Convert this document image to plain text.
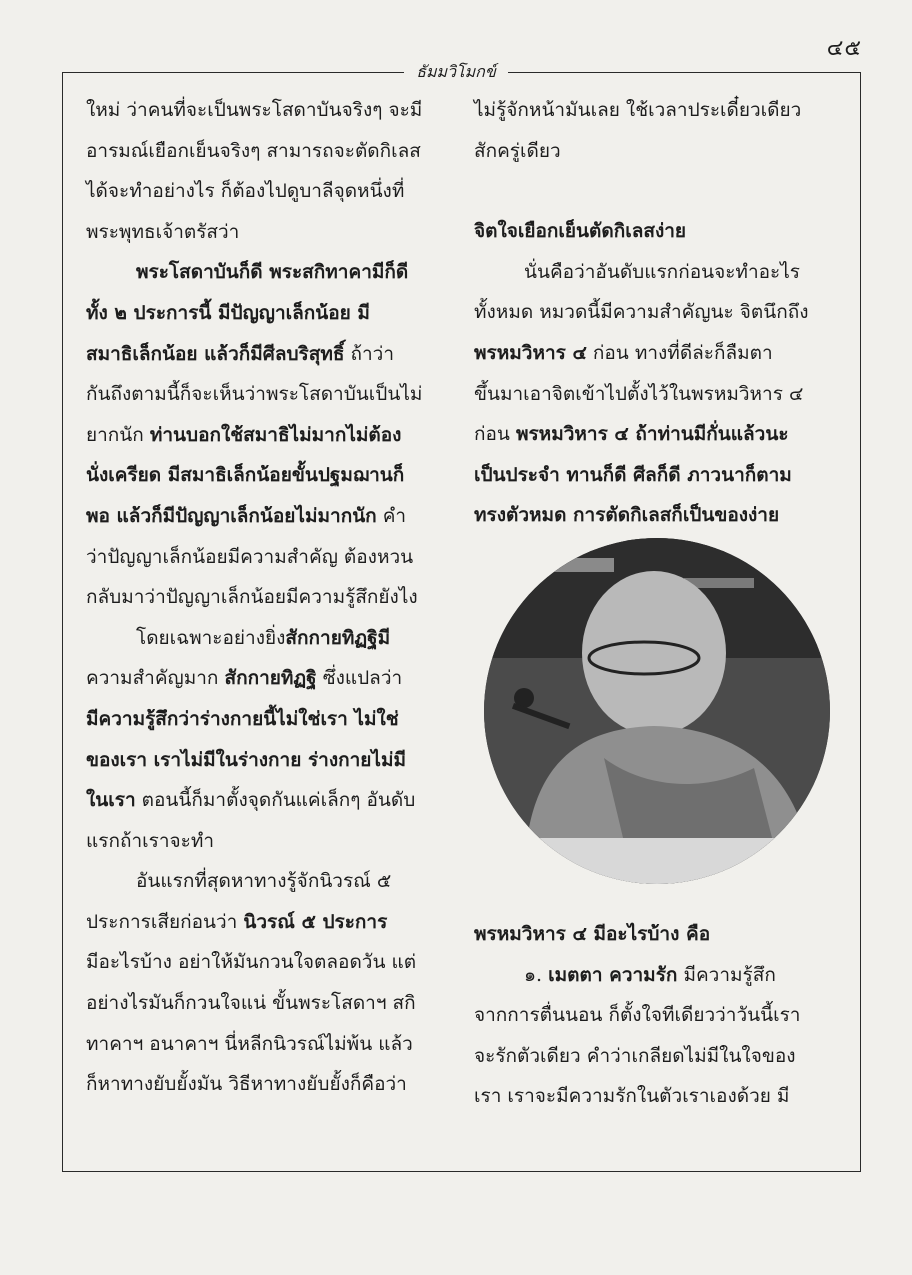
๔๕
ธัมมวิโมกข์

ใหม่ ว่าคนที่จะเป็นพระโสดาบันจริงๆ จะมี

อารมณ์เยือกเย็นจริงๆ สามารถจะตัดกิเลส

ได้จะทำอย่างไร ก็ต้องไปดูบาลีจุดหนึ่งที่

พระพุทธเจ้าตรัสว่า

พระโสดาบันก็ดี พระสกิทาคามีก็ดี

ทั้ง ๒ ประการนี้ มีปัญญาเล็กน้อย มี

สมาธิเล็กน้อย แล้วก็มีศีลบริสุทธิ์ ถ้าว่า

กันถึงตามนี้ก็จะเห็นว่าพระโสดาบันเป็นไม่

ยากนัก ท่านบอกใช้สมาธิไม่มากไม่ต้อง

นั่งเครียด มีสมาธิเล็กน้อยขั้นปฐมฌานก็

พอ แล้วก็มีปัญญาเล็กน้อยไม่มากนัก คำ

ว่าปัญญาเล็กน้อยมีความสำคัญ ต้องหวน

กลับมาว่าปัญญาเล็กน้อยมีความรู้สึกยังไง

โดยเฉพาะอย่างยิ่งสักกายทิฏฐิมี

ความสำคัญมาก สักกายทิฏฐิ ซึ่งแปลว่า

มีความรู้สึกว่าร่างกายนี้ไม่ใช่เรา ไม่ใช่

ของเรา เราไม่มีในร่างกาย ร่างกายไม่มี

ในเรา ตอนนี้ก็มาตั้งจุดกันแค่เล็กๆ อันดับ

แรกถ้าเราจะทำ

อันแรกที่สุดหาทางรู้จักนิวรณ์ ๕

ประการเสียก่อนว่า นิวรณ์ ๕ ประการ

มีอะไรบ้าง อย่าให้มันกวนใจตลอดวัน แต่

อย่างไรมันก็กวนใจแน่ ขั้นพระโสดาฯ สกิ

ทาคาฯ อนาคาฯ นี่หลีกนิวรณ์ไม่พ้น แล้ว

ก็หาทางยับยั้งมัน วิธีหาทางยับยั้งก็คือว่า

ไม่รู้จักหน้ามันเลย ใช้เวลาประเดี๋ยวเดียว

สักครู่เดียว

จิตใจเยือกเย็นตัดกิเลสง่าย

นั่นคือว่าอันดับแรกก่อนจะทำอะไร

ทั้งหมด หมวดนี้มีความสำคัญนะ จิตนึกถึง

พรหมวิหาร ๔ ก่อน ทางที่ดีล่ะก็ลืมตา

ขึ้นมาเอาจิตเข้าไปตั้งไว้ในพรหมวิหาร ๔

ก่อน พรหมวิหาร ๔ ถ้าท่านมีกั่นแล้วนะ

เป็นประจำ ทานก็ดี ศีลก็ดี ภาวนาก็ตาม

ทรงตัวหมด การตัดกิเลสก็เป็นของง่าย

พรหมวิหาร ๔ มีอะไรบ้าง คือ

๑. เมตตา ความรัก มีความรู้สึก

จากการตื่นนอน ก็ตั้งใจทีเดียวว่าวันนี้เรา

จะรักตัวเดียว คำว่าเกลียดไม่มีในใจของ

เรา เราจะมีความรักในตัวเราเองด้วย มี
